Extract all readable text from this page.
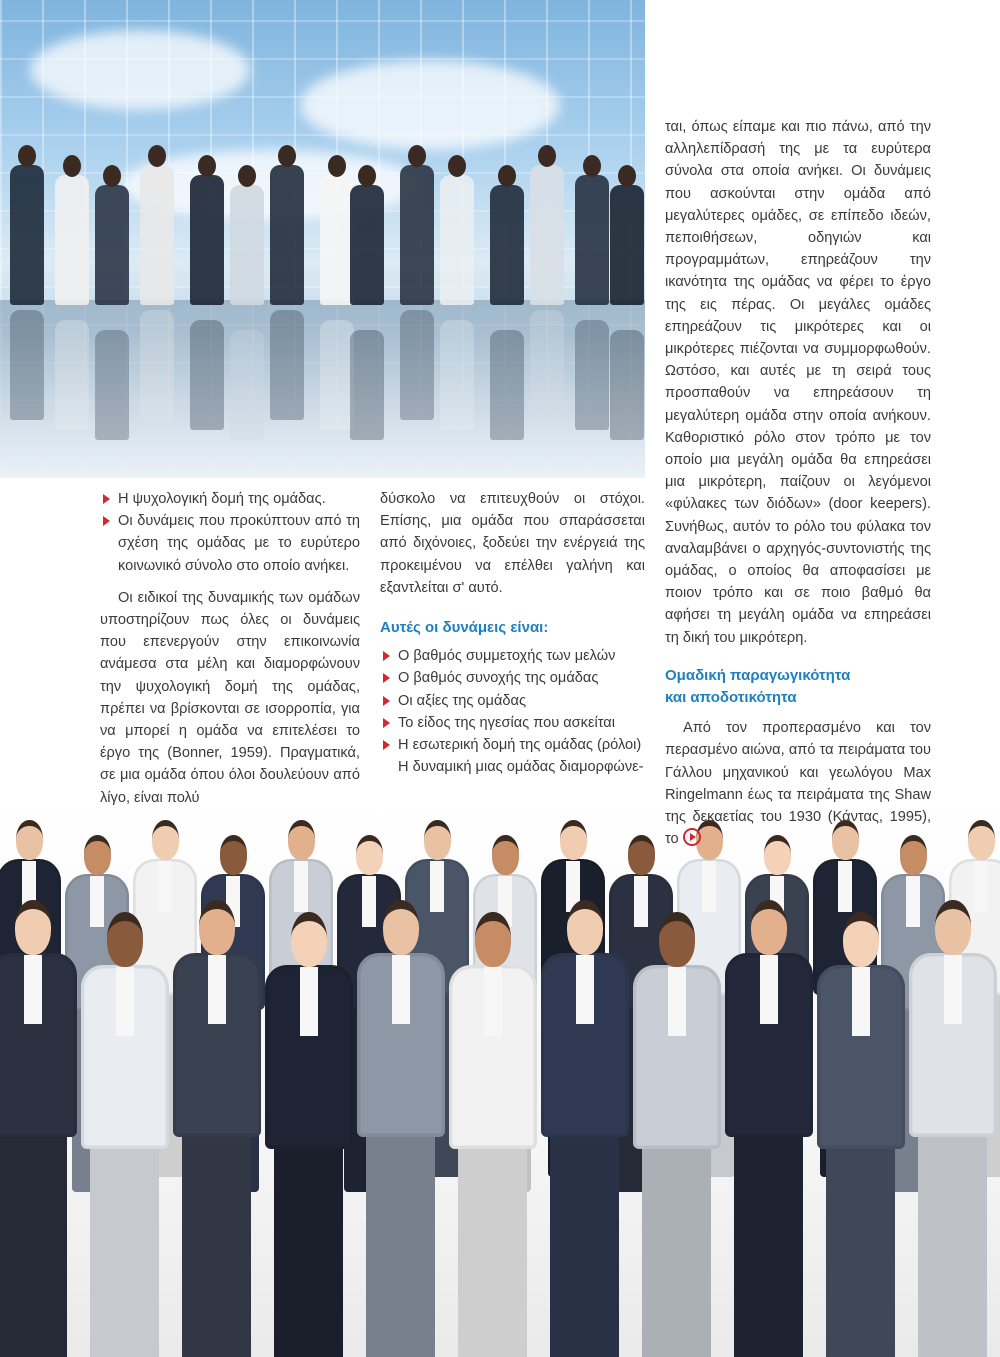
Η ψυχολογική δομή της ομάδας.
Οι δυνάμεις που προκύπτουν από τη σχέση της ομάδας με το ευρύτερο κοινωνικό σύνολο στο οποίο ανήκει.

Οι ειδικοί της δυναμικής των ομάδων υποστηρίζουν πως όλες οι δυνάμεις που επενεργούν στην επικοινωνία ανάμεσα στα μέλη και διαμορφώνουν την ψυχολογική δομή της ομάδας, πρέπει να βρίσκονται σε ισορροπία, για να μπορεί η ομάδα να επιτελέσει το έργο της (Bonner, 1959). Πραγματικά, σε μια ομάδα όπου όλοι δουλεύουν από λίγο, είναι πολύ

δύσκολο να επιτευχθούν οι στόχοι. Επίσης, μια ομάδα που σπαράσσεται από διχόνοιες, ξοδεύει την ενέργειά της προκειμένου να επέλθει γαλήνη και εξαντλείται σ' αυτό.

Αυτές οι δυνάμεις είναι:

Ο βαθμός συμμετοχής των μελών
Ο βαθμός συνοχής της ομάδας
Οι αξίες της ομάδας
Το είδος της ηγεσίας που ασκείται
Η εσωτερική δομή της ομάδας (ρόλοι)

Η δυναμική μιας ομάδας διαμορφώνε-

ται, όπως είπαμε και πιο πάνω, από την αλληλεπίδρασή της με τα ευρύτερα σύνολα στα οποία ανήκει. Οι δυνάμεις που ασκούνται στην ομάδα από μεγαλύτερες ομάδες, σε επίπεδο ιδεών, πεποιθήσεων, οδηγιών και προγραμμάτων, επηρεάζουν την ικανότητα της ομάδας να φέρει το έργο της εις πέρας. Οι μεγάλες ομάδες επηρεάζουν τις μικρότερες και οι μικρότερες πιέζονται να συμμορφωθούν. Ωστόσο, και αυτές με τη σειρά τους προσπαθούν να επηρεάσουν τη μεγαλύτερη ομάδα στην οποία ανήκουν. Καθοριστικό ρόλο στον τρόπο με τον οποίο μια μεγάλη ομάδα θα επηρεάσει μια μικρότερη, παίζουν οι λεγόμενοι «φύλακες των διόδων» (door keepers). Συνήθως, αυτόν το ρόλο του φύλακα τον αναλαμβάνει ο αρχηγός-συντονιστής της ομάδας, ο οποίος θα αποφασίσει με ποιον τρόπο και σε ποιο βαθμό θα αφήσει τη μεγάλη ομάδα να επηρεάσει τη δική του μικρότερη.

Ομαδική παραγωγικότητα
και αποδοτικότητα

Από τον προπερασμένο και τον περασμένο αιώνα, από τα πειράματα του Γάλλου μηχανικού και γεωλόγου Max Ringelmann έως τα πειράματα της Shaw της δεκαετίας του 1930 (Κάντας, 1995), το
